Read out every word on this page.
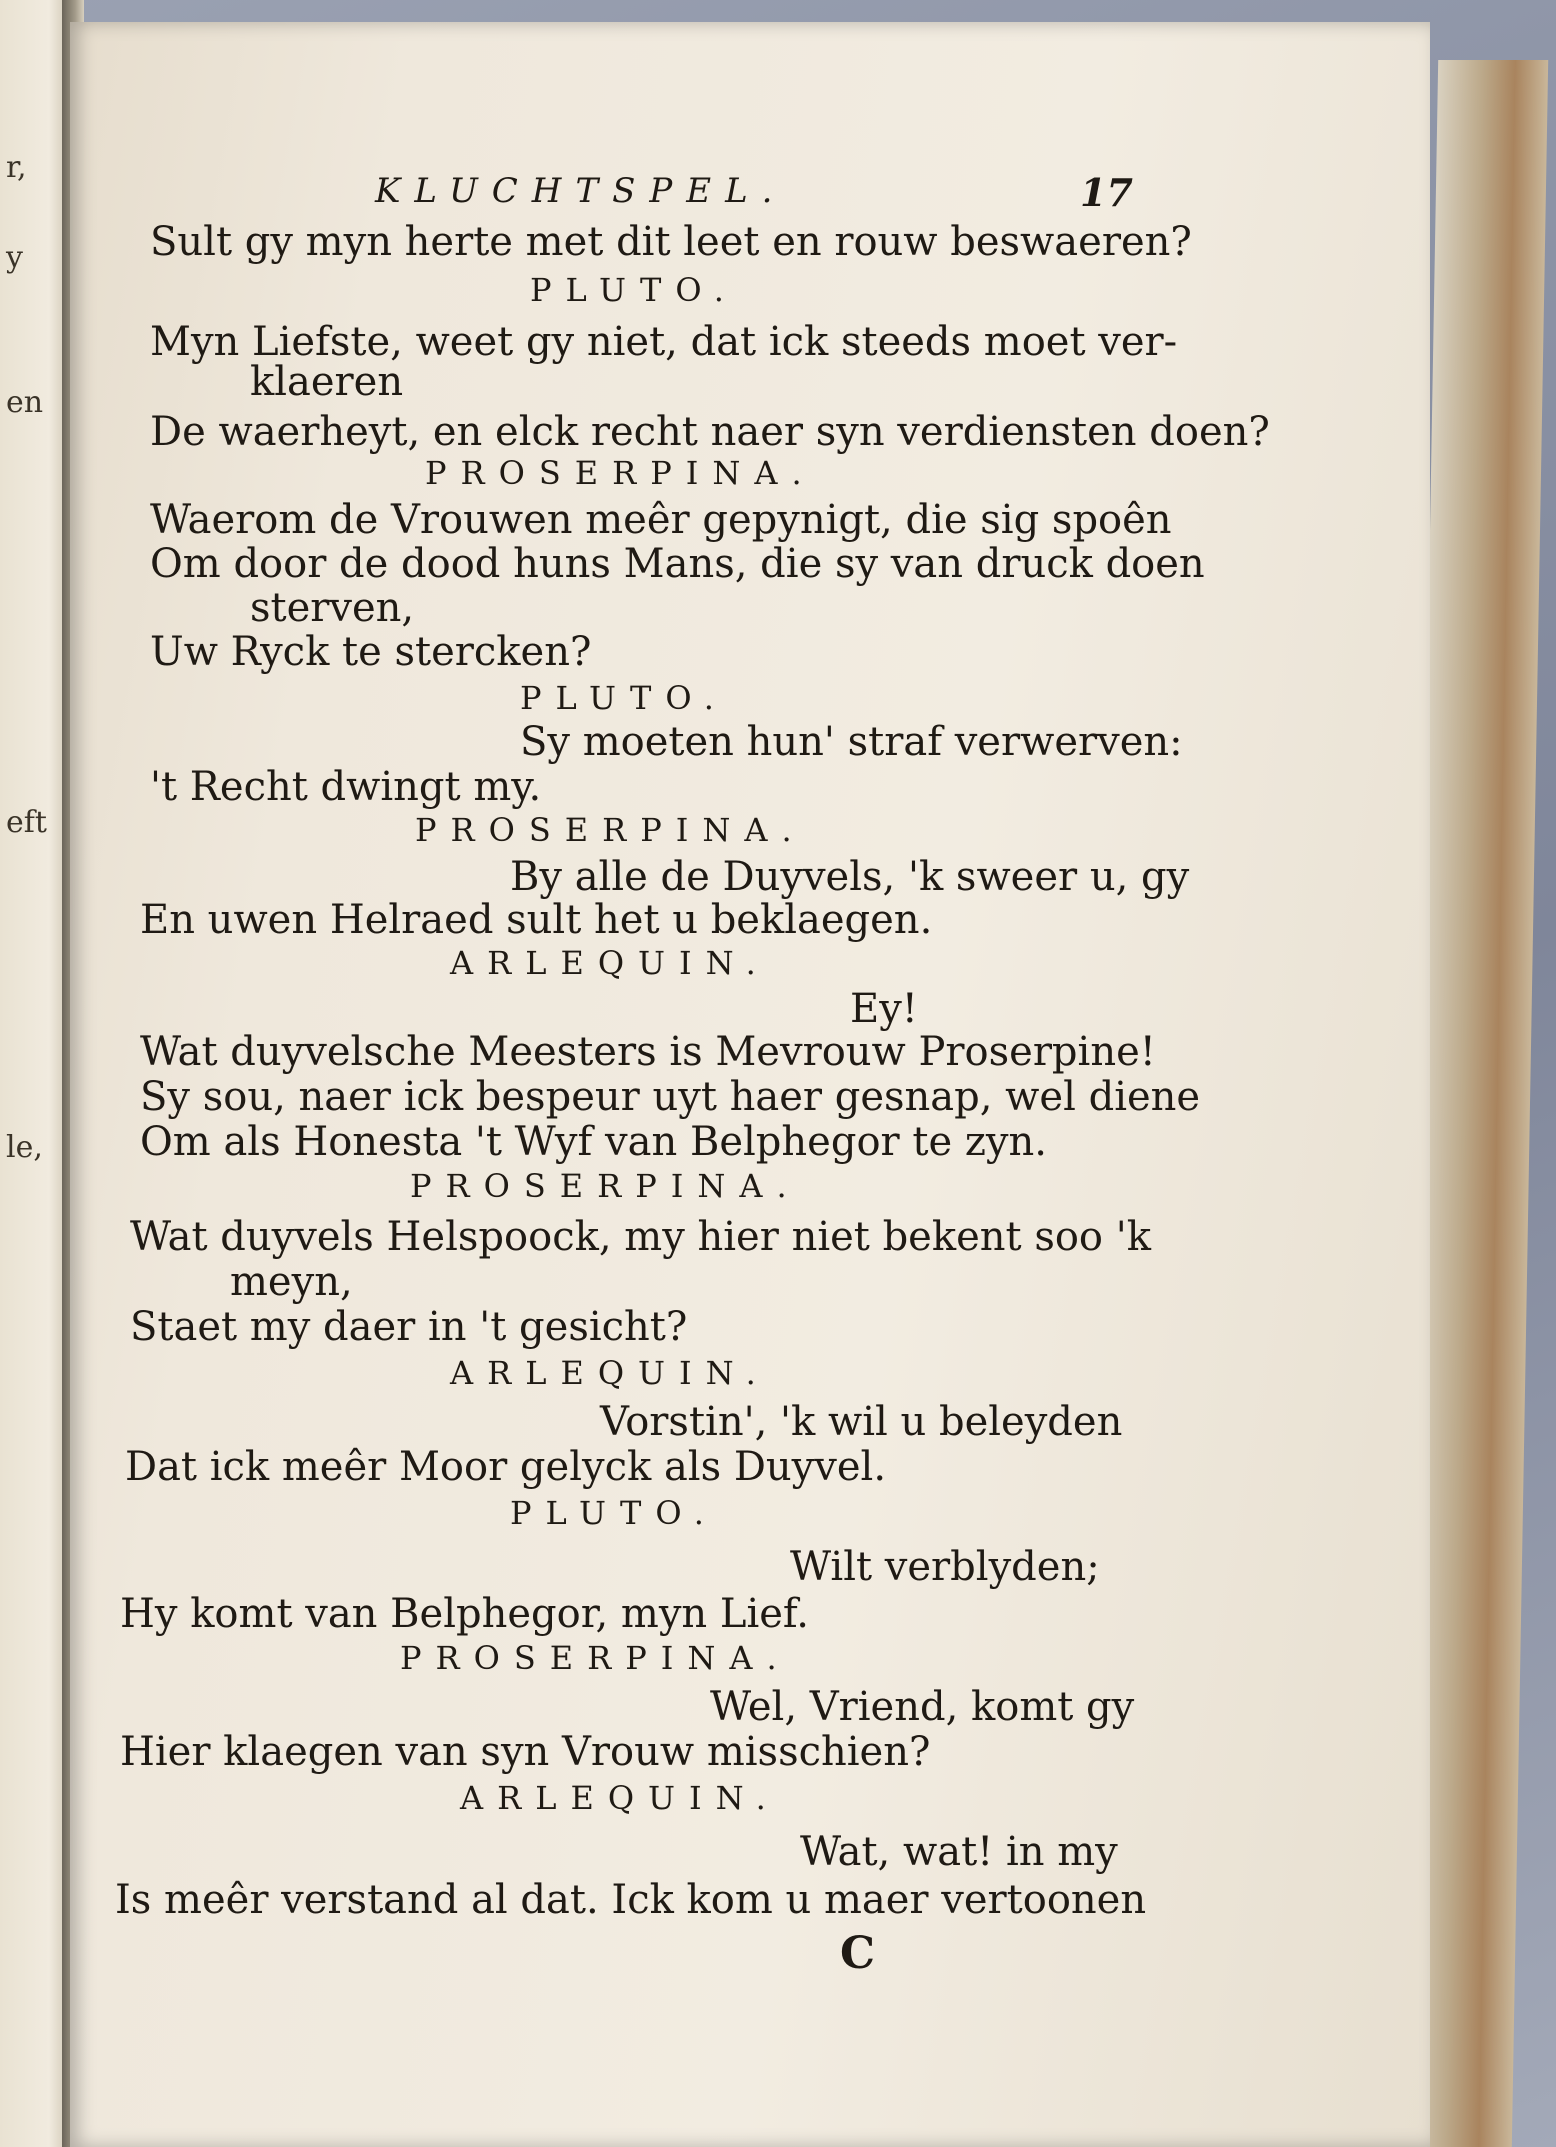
r,
y
en
eft
le,
KLUCHTSPEL.	17
Sult gy myn herte met dit leet en rouw beswaeren?
PLUTO.
Myn Liefste, weet gy niet, dat ick steeds moet ver-
klaeren
De waerheyt, en elck recht naer syn verdiensten doen?
PROSERPINA.
Waerom de Vrouwen meêr gepynigt, die sig spoên
Om door de dood huns Mans, die sy van druck doen
sterven,
Uw Ryck te stercken?
PLUTO.
Sy moeten hun' straf verwerven:
't Recht dwingt my.
PROSERPINA.
By alle de Duyvels, 'k sweer u, gy
En uwen Helraed sult het u beklaegen.
ARLEQUIN.
Ey!
Wat duyvelsche Meesters is Mevrouw Proserpine!
Sy sou, naer ick bespeur uyt haer gesnap, wel diene
Om als Honesta 't Wyf van Belphegor te zyn.
PROSERPINA.
Wat duyvels Helspoock, my hier niet bekent soo 'k
meyn,
Staet my daer in 't gesicht?
ARLEQUIN.
Vorstin', 'k wil u beleyden
Dat ick meêr Moor gelyck als Duyvel.
PLUTO.
Wilt verblyden;
Hy komt van Belphegor, myn Lief.
PROSERPINA.
Wel, Vriend, komt gy
Hier klaegen van syn Vrouw misschien?
ARLEQUIN.
Wat, wat! in my
Is meêr verstand al dat. Ick kom u maer vertoonen
C
